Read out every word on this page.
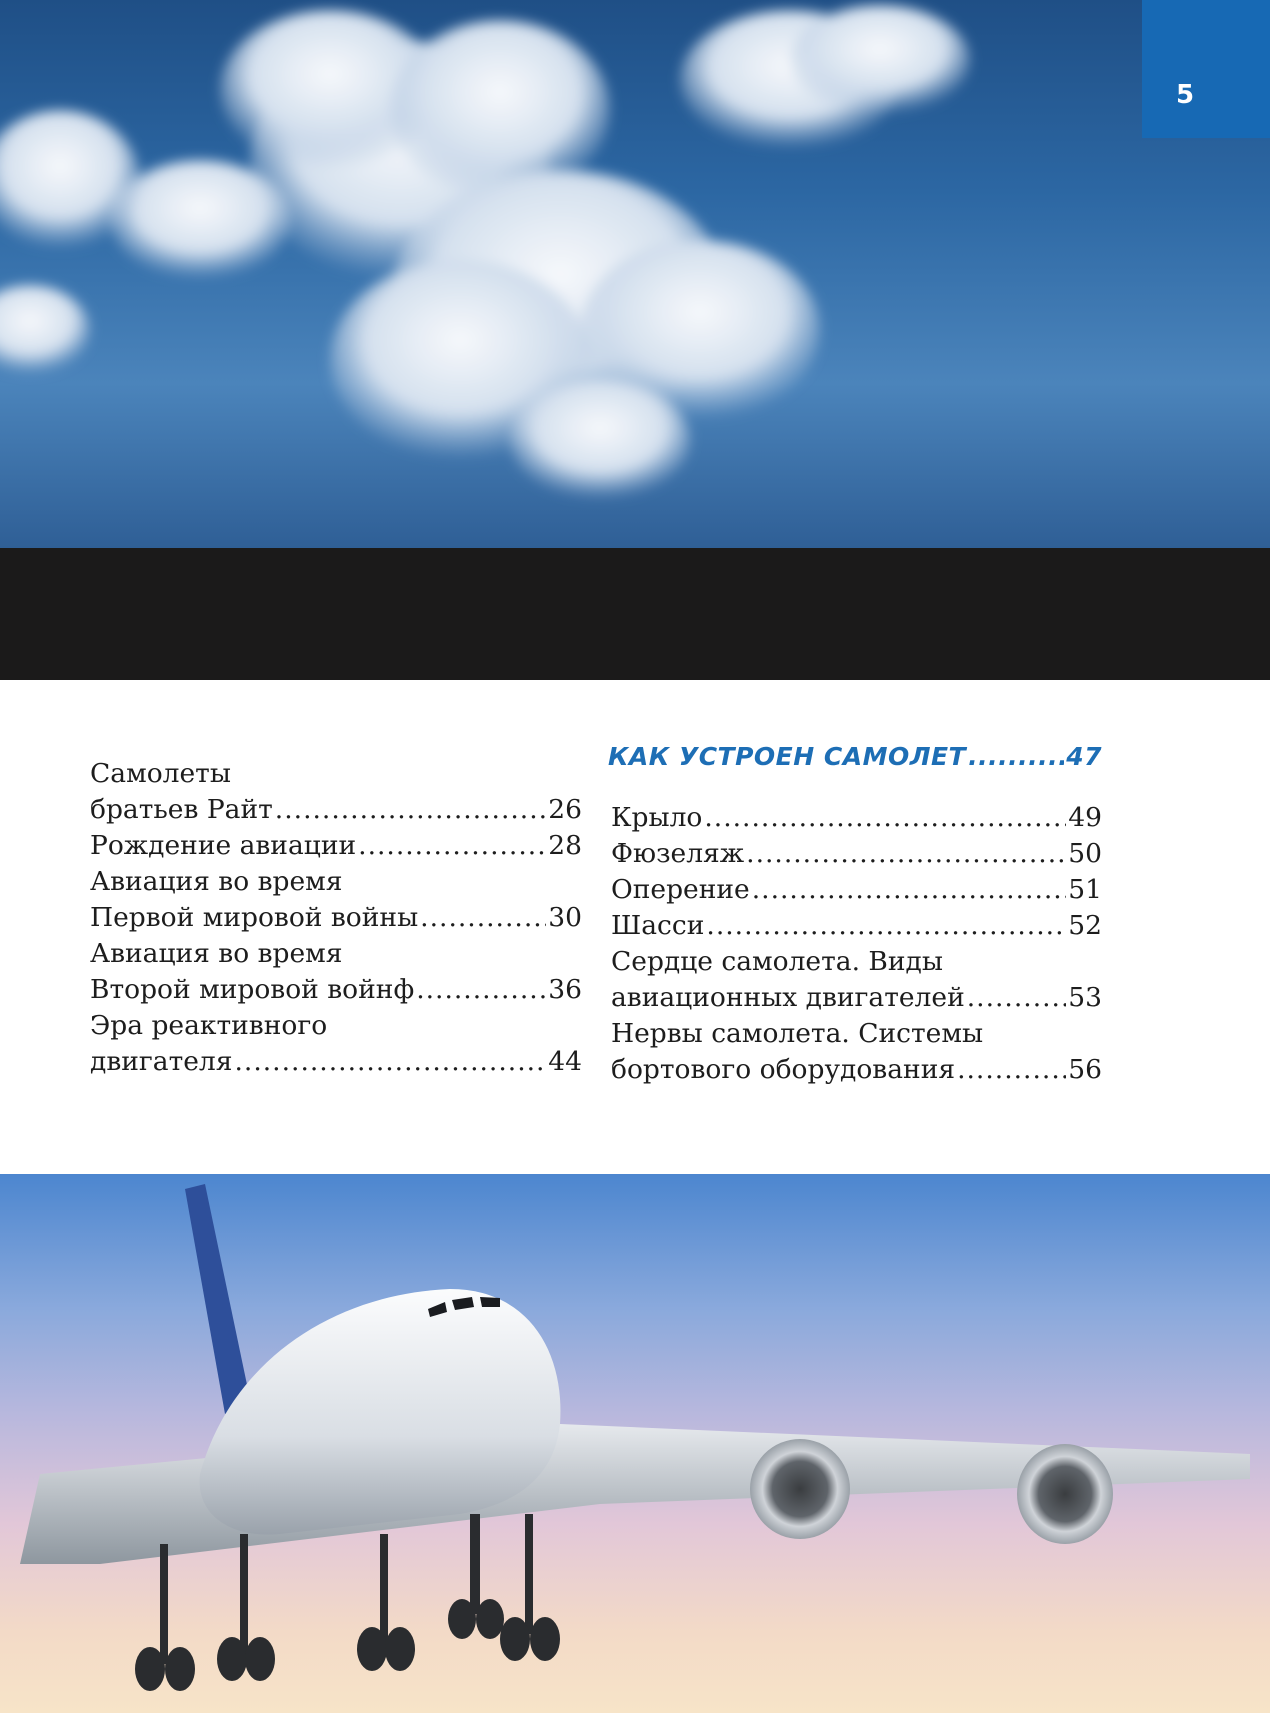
5
Самолеты
братьев Райт .....	26
Рождение авиации .....	28
Авиация во время
Первой мировой войны .....	30
Авиация во время
Второй мировой войнф .....	36
Эра реактивного
двигателя .....	44
КАК УСТРОЕН САМОЛЕТ .....	47
Крыло .....	49
Фюзеляж .....	50
Оперение .....	51
Шасси .....	52
Сердце самолета. Виды
авиационных двигателей .....	53
Нервы самолета. Системы
бортового оборудования .....	56
